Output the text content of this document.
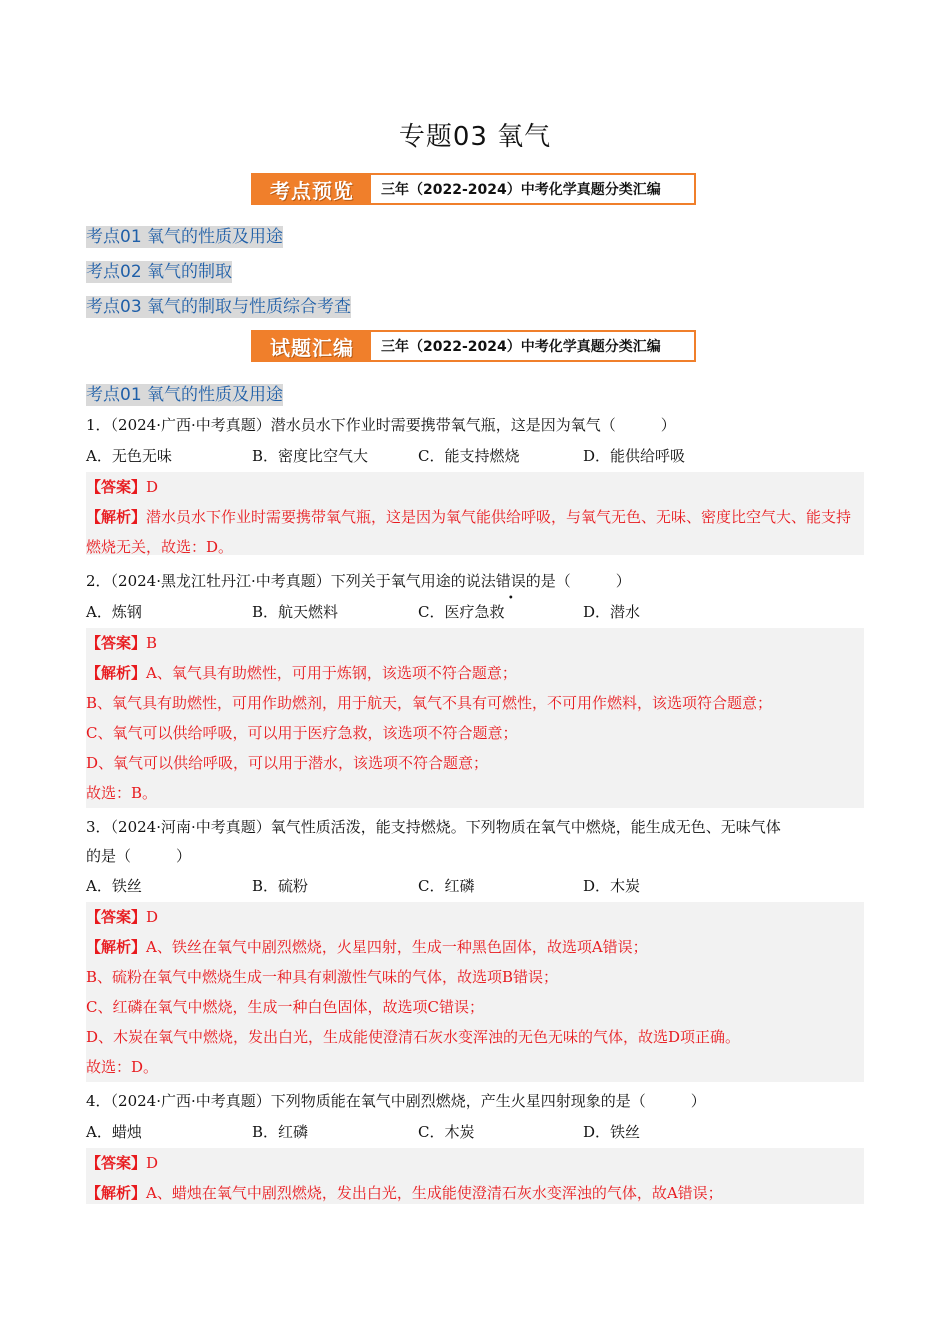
专题03 氧气
考点预览	三年（2022-2024）中考化学真题分类汇编
考点01 氧气的性质及用途
考点02 氧气的制取
考点03 氧气的制取与性质综合考查
试题汇编	三年（2022-2024）中考化学真题分类汇编
考点01 氧气的性质及用途
1．（2024·广西·中考真题）潜水员水下作业时需要携带氧气瓶，这是因为氧气（　　　）
A．无色无味	B．密度比空气大	C．能支持燃烧	D．能供给呼吸
【答案】D
【解析】潜水员水下作业时需要携带氧气瓶，这是因为氧气能供给呼吸，与氧气无色、无味、密度比空气大、能支持燃烧无关，故选：D。
2．（2024·黑龙江牡丹江·中考真题）下列关于氧气用途的说法错误的是（　　　）
A．炼钢	B．航天燃料	C．医疗急救	D．潜水
【答案】B
【解析】A、氧气具有助燃性，可用于炼钢，该选项不符合题意；
B、氧气具有助燃性，可用作助燃剂，用于航天，氧气不具有可燃性，不可用作燃料，该选项符合题意；
C、氧气可以供给呼吸，可以用于医疗急救，该选项不符合题意；
D、氧气可以供给呼吸，可以用于潜水，该选项不符合题意；
故选：B。
3．（2024·河南·中考真题）氧气性质活泼，能支持燃烧。下列物质在氧气中燃烧，能生成无色、无味气体
的是（　　　）
A．铁丝	B．硫粉	C．红磷	D．木炭
【答案】D
【解析】A、铁丝在氧气中剧烈燃烧，火星四射，生成一种黑色固体，故选项A错误；
B、硫粉在氧气中燃烧生成一种具有刺激性气味的气体，故选项B错误；
C、红磷在氧气中燃烧，生成一种白色固体，故选项C错误；
D、木炭在氧气中燃烧，发出白光，生成能使澄清石灰水变浑浊的无色无味的气体，故选D项正确。
故选：D。
4．（2024·广西·中考真题）下列物质能在氧气中剧烈燃烧，产生火星四射现象的是（　　　）
A．蜡烛	B．红磷	C．木炭	D．铁丝
【答案】D
【解析】A、蜡烛在氧气中剧烈燃烧，发出白光，生成能使澄清石灰水变浑浊的气体，故A错误；
